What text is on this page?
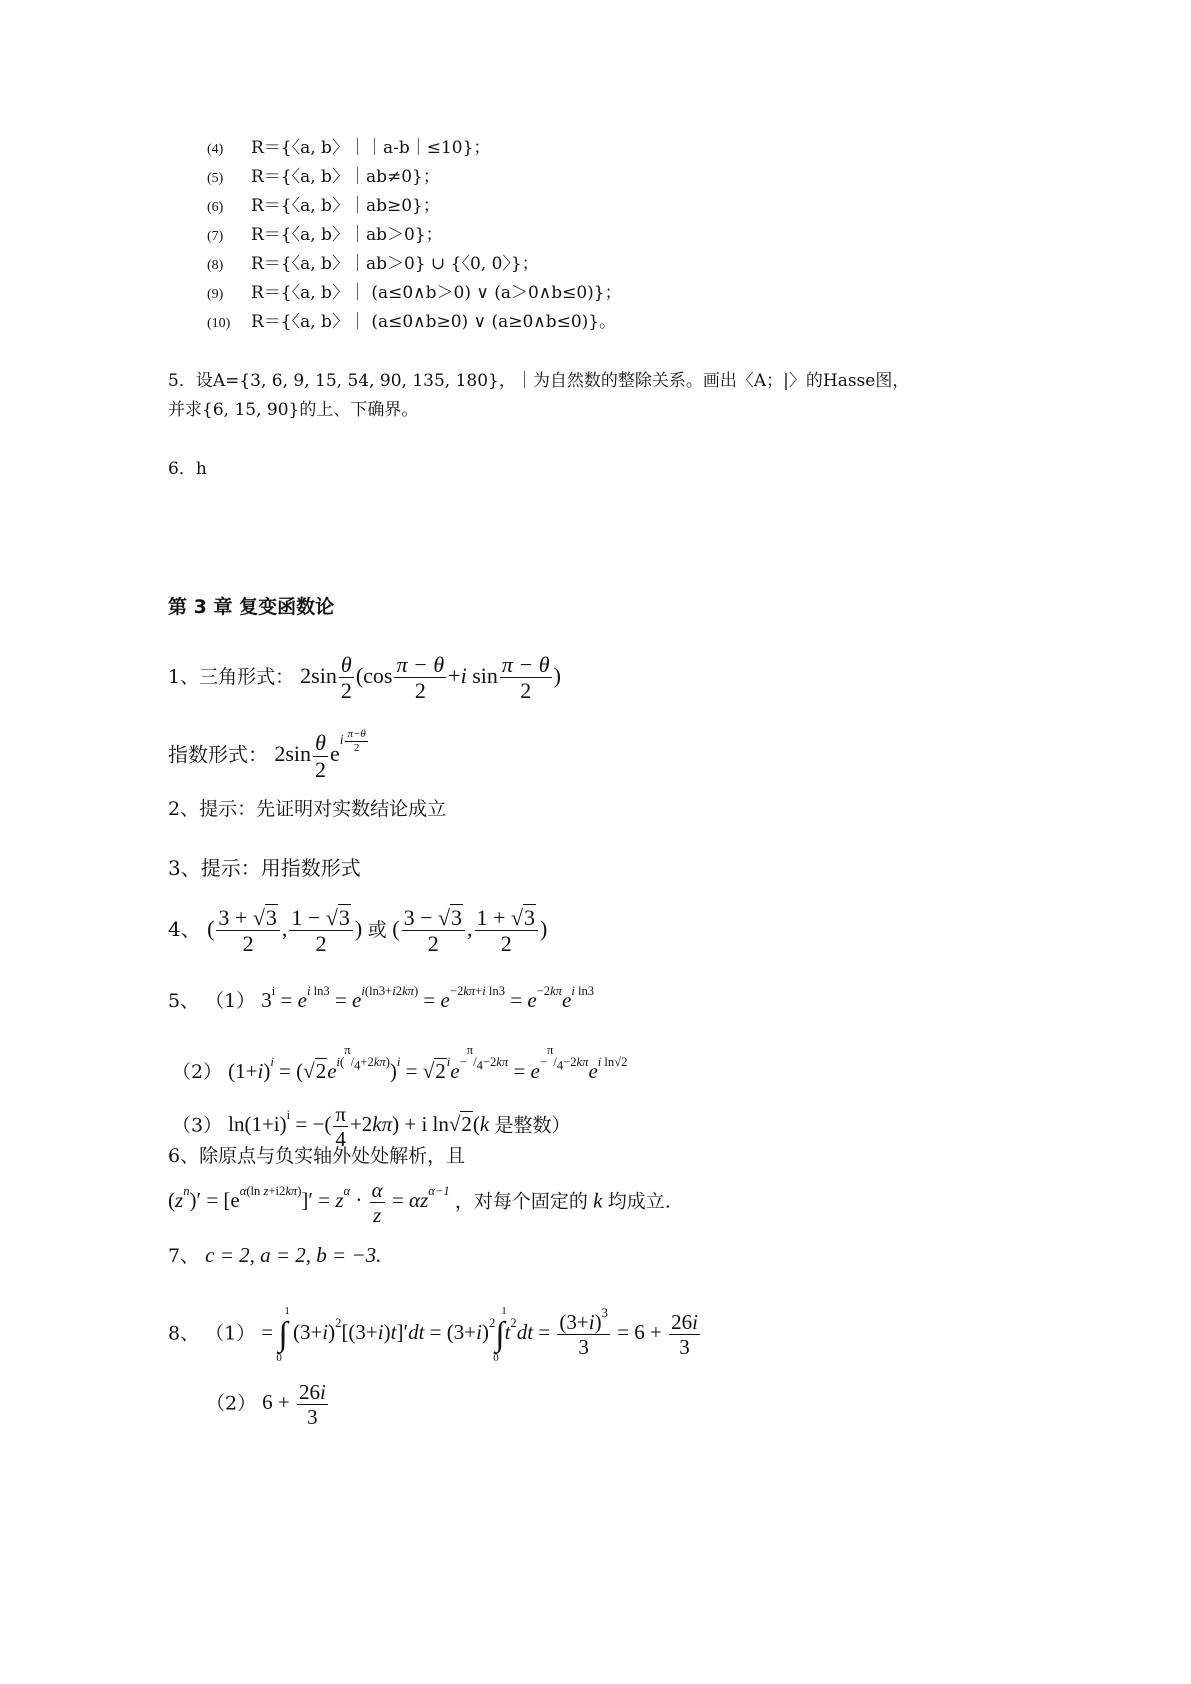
(4) R＝{〈a, b〉｜｜a-b｜≤10}；
(5) R＝{〈a, b〉｜ab≠0}；
(6) R＝{〈a, b〉｜ab≥0}；
(7) R＝{〈a, b〉｜ab＞0}；
(8) R＝{〈a, b〉｜ab＞0} ∪ {〈0, 0〉}；
(9) R＝{〈a, b〉｜ (a≤0∧b＞0) ∨ (a＞0∧b≤0)}；
(10) R＝{〈a, b〉｜ (a≤0∧b≥0) ∨ (a≥0∧b≤0)}。
5．设A={3, 6, 9, 15, 54, 90, 135, 180}，｜为自然数的整除关系。画出〈A；|〉的Hasse图，
并求{6, 15, 90}的上、下确界。
6．h
第 3 章 复变函数论
1、三角形式： $2\sin \frac{\theta}{2} (\cos \frac{\pi - \theta}{2} +i$ $\sin \frac{\pi - \theta}{2}$ )
指数形式： $2\sin \frac{\theta}{2} e^{i \frac{\pi-\theta}{2}}$
2、提示：先证明对实数结论成立
3、提示：用指数形式
4、 ( $\frac{3 + √3}{2}$ , $\frac{1 - √3}{2}$ ) 或 ( $\frac{3 - √3}{2}$ , $\frac{1 + √3}{2}$ )
5、 （1） $3^i = e^{i ln3} = e^{i(ln3+i2k\pi)} = e^{-2k\pi+i ln3} = e^{-2k\pi}e^{i ln3}$
（2） $(1+i)^i = (√2e^{i(^\pi/_4+2k\pi)})^i = √2^ie^{-^\pi/_4-2k\pi} = e^{-^\pi/_4-2k\pi}e^{i ln√2}$
（3） $\ln(1+i)^i$ = −( $\frac{\pi}{4} +2k\pi) + i$ ln√2(k 是整数）
6、除原点与负实轴外处处解析，且
$(z^n)' = [e^{\alpha(ln z+i2k\pi)}]' = z^\alpha \cdot \frac{\alpha}{z} = \alpha z^{\alpha-1}$ ，对每个固定的 k 均成立.
7、 c = 2, a = 2, b = −3.
8、 （1） = ∫
1
0
$(3+i)^2[(3+i)t]'dt = (3+i)^2\int$
1
0
$t^2dt = \frac{(3+i)^3}{3} = 6 + \frac{26i}{3}$
（2） $6 + \frac{26i}{3}$
